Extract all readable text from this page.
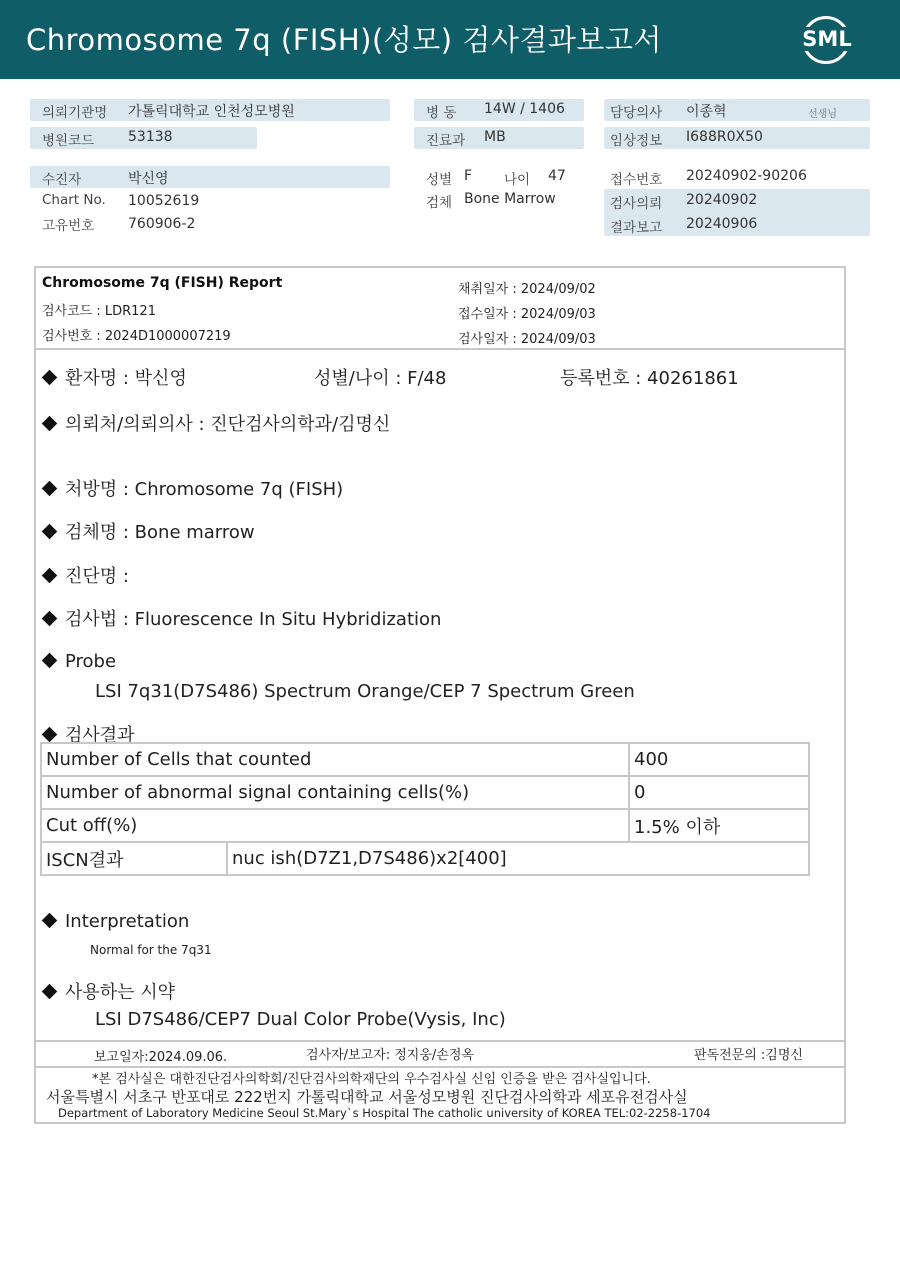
Chromosome 7q (FISH)(성모) 검사결과보고서	SML
의뢰기관명 가톨릭대학교 인천성모병원
병원코드 53138
병 동 14W / 1406
진료과 MB
담당의사 이종혁	선생님
임상정보 I688R0X50
수진자	박신영
Chart No. 10052619
고유번호 760906-2
성별 F 나이 47
검체 Bone Marrow
접수번호 20240902-90206
검사의뢰 20240902
결과보고 20240906
Chromosome 7q (FISH) Report
검사코드 : LDR121
검사번호 : 2024D1000007219
채취일자 : 2024/09/02
접수일자 : 2024/09/03
검사일자 : 2024/09/03
환자명 : 박신영	성별/나이 : F/48	등록번호 : 40261861
의뢰처/의뢰의사 : 진단검사의학과/김명신
처방명 : Chromosome 7q (FISH)
검체명 : Bone marrow
진단명 :
검사법 : Fluorescence In Situ Hybridization
Probe
LSI 7q31(D7S486) Spectrum Orange/CEP 7 Spectrum Green
검사결과
Number of Cells that counted		400
Number of abnormal signal containing cells(%)		0
Cut off(%)		1.5% 이하
ISCN결과	nuc ish(D7Z1,D7S486)x2[400]	
Interpretation
Normal for the 7q31
사용하는 시약
LSI D7S486/CEP7 Dual Color Probe(Vysis, Inc)
보고일자:2024.09.06.	검사자/보고자: 정지웅/손정옥	판독전문의 :김명신
*본 검사실은 대한진단검사의학회/진단검사의학재단의 우수검사실 신임 인증을 받은 검사실입니다.
서울특별시 서초구 반포대로 222번지 가톨릭대학교 서울성모병원 진단검사의학과 세포유전검사실
Department of Laboratory Medicine Seoul St.Mary`s Hospital The catholic university of KOREA TEL:02-2258-1704
